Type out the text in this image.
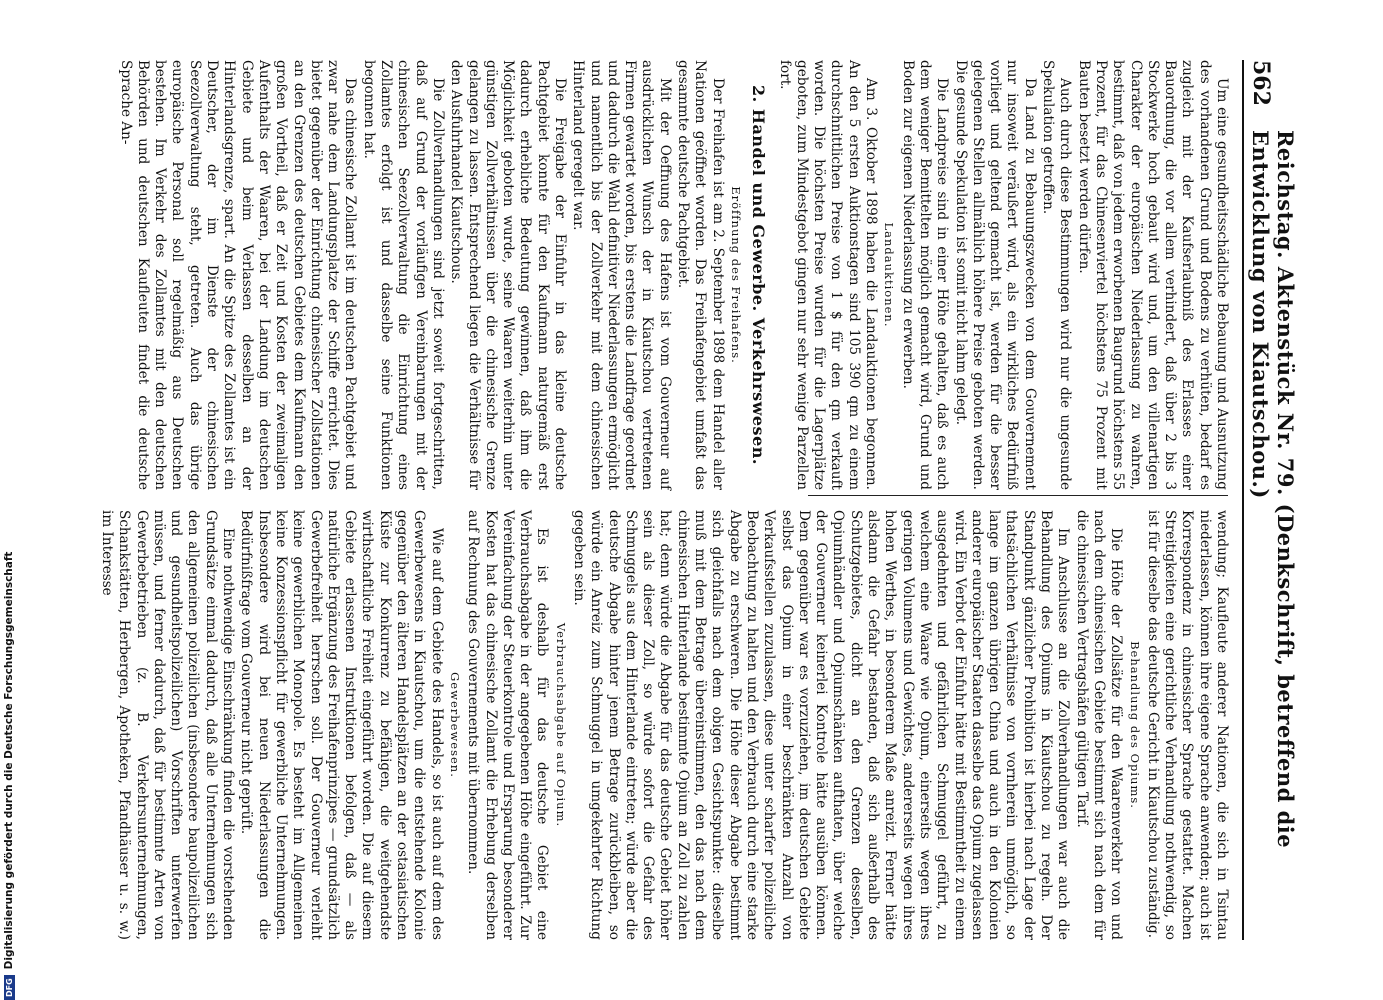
562
Reichstag. Aktenstück Nr. 79. (Denkschrift, betreffend die Entwicklung von Kiautschou.)

Um eine gesundheitsschädliche Bebauung und Ausnutzung des vorhandenen Grund und Bodens zu verhüten, bedarf es zugleich mit der Kaufserlaubniß des Erlasses einer Bauordnung, die vor allem verhindert, daß über 2 bis 3 Stockwerke hoch gebaut wird und, um den villenartigen Charakter der europäischen Niederlassung zu wahren, bestimmt, daß von jedem erworbenen Baugrund höchstens 55 Prozent, für das Chinesenviertel höchstens 75 Prozent mit Bauten besetzt werden dürfen.

Auch durch diese Bestimmungen wird nur die ungesunde Spekulation getroffen.

Da Land zu Bebauungszwecken von dem Gouvernement nur insoweit veräußert wird, als ein wirkliches Bedürfniß vorliegt und geltend gemacht ist, werden für die besser gelegenen Stellen allmählich höhere Preise geboten werden. Die gesunde Spekulation ist somit nicht lahm gelegt.

Die Landpreise sind in einer Höhe gehalten, daß es auch dem weniger Bemittelten möglich gemacht wird, Grund und Boden zur eigenen Niederlassung zu erwerben.

Landauktionen.

Am 3. Oktober 1898 haben die Landauktionen begonnen. An den 5 ersten Auktionstagen sind 105 390 qm zu einem durchschnittlichen Preise von 1 $ für den qm verkauft worden. Die höchsten Preise wurden für die Lagerplätze geboten, zum Mindestgebot gingen nur sehr wenige Parzellen fort.

2. Handel und Gewerbe. Verkehrswesen.

Eröffnung des Freihafens.

Der Freihafen ist am 2. September 1898 dem Handel aller Nationen geöffnet worden. Das Freihafengebiet umfaßt das gesammte deutsche Pachtgebiet.

Mit der Oeffnung des Hafens ist vom Gouverneur auf ausdrücklichen Wunsch der in Kiautschou vertretenen Firmen gewartet worden, bis erstens die Landfrage geordnet und dadurch die Wahl definitiver Niederlassungen ermöglicht und namentlich bis der Zollverkehr mit dem chinesischen Hinterland geregelt war.

Die Freigabe der Einfuhr in das kleine deutsche Pachtgebiet konnte für den Kaufmann naturgemäß erst dadurch erhebliche Bedeutung gewinnen, daß ihm die Möglichkeit geboten wurde, seine Waaren weiterhin unter günstigen Zollverhältnissen über die chinesische Grenze gelangen zu lassen. Entsprechend liegen die Verhältnisse für den Ausfuhrhandel Kiautschous.

Die Zollverhandlungen sind jetzt soweit fortgeschritten, daß auf Grund der vorläufigen Vereinbarungen mit der chinesischen Seezollverwaltung die Einrichtung eines Zollamtes erfolgt ist und dasselbe seine Funktionen begonnen hat.

Das chinesische Zollamt ist im deutschen Pachtgebiet und zwar nahe dem Landungsplatze der Schiffe errichtet. Dies bietet gegenüber der Einrichtung chinesischer Zollstationen an den Grenzen des deutschen Gebietes dem Kaufmann den großen Vortheil, daß er Zeit und Kosten der zweimaligen Aufenthalts der Waaren, bei der Landung im deutschen Gebiete und beim Verlassen desselben an der Hinterlandsgrenze, spart. An die Spitze des Zollamtes ist ein Deutscher, der im Dienste der chinesischen Seezollverwaltung steht, getreten. Auch das übrige europäische Personal soll regelmäßig aus Deutschen bestehen. Im Verkehr des Zollamtes mit den deutschen Behörden und deutschen Kaufleuten findet die deutsche Sprache An-

wendung; Kaufleute anderer Nationen, die sich in Tsintau niederlassen, können ihre eigene Sprache anwenden; auch ist Korrespondenz in chinesischer Sprache gestattet. Machen Streitigkeiten eine gerichtliche Verhandlung nothwendig, so ist für dieselbe das deutsche Gericht in Kiautschou zuständig.

Behandlung des Opiums.

Die Höhe der Zollsätze für den Waarenverkehr von und nach dem chinesischen Gebiete bestimmt sich nach dem für die chinesischen Vertragshäfen gültigen Tarif.

Im Anschlusse an die Zollverhandlungen war auch die Behandlung des Opiums in Kiautschou zu regeln. Der Standpunkt gänzlicher Prohibition ist hierbei nach Lage der thatsächlichen Verhältnisse von vornherein unmöglich, so lange im ganzen übrigen China und auch in den Kolonien anderer europäischer Staaten dasselbe das Opium zugelassen wird. Ein Verbot der Einfuhr hätte mit Bestimmtheit zu einem ausgedehnten und gefährlichen Schmuggel geführt, zu welchem eine Waare wie Opium, einerseits wegen ihres geringen Volumens und Gewichtes, andererseits wegen ihres hohen Werthes, in besonderem Maße anreizt. Ferner hätte alsdann die Gefahr bestanden, daß sich außerhalb des Schutzgebietes, dicht an den Grenzen desselben, Opiumhändler und Opiumschänken aufthaten, über welche der Gouverneur keinerlei Kontrole hätte ausüben können. Dem gegenüber war es vorzuziehen, im deutschen Gebiete selbst das Opium in einer beschränkten Anzahl von Verkaufsstellen zuzulassen, diese unter scharfer polizeiliche Beobachtung zu halten und den Verbrauch durch eine starke Abgabe zu erschweren. Die Höhe dieser Abgabe bestimmt sich gleichfalls nach dem obigen Gesichtspunkte: dieselbe muß mit dem Betrage übereinstimmen, den das nach dem chinesischen Hinterlande bestimmte Opium an Zoll zu zahlen hat; denn würde die Abgabe für das deutsche Gebiet höher sein als dieser Zoll, so würde sofort die Gefahr des Schmuggels aus dem Hinterlande eintreten; würde aber die deutsche Abgabe hinter jenem Betrage zurückbleiben, so würde ein Anreiz zum Schmuggel in umgekehrter Richtung gegeben sein.

Verbrauchsabgabe auf Opium.

Es ist deshalb für das deutsche Gebiet eine Verbrauchsabgabe in der angegebenen Höhe eingeführt. Zur Vereinfachung der Steuerkontrole und Ersparung besonderer Kosten hat das chinesische Zollamt die Erhebung derselben auf Rechnung des Gouvernements mit übernommen.

Gewerbewesen.

Wie auf dem Gebiete des Handels, so ist auch auf dem des Gewerbewesens in Kiautschou, um die entstehende Kolonie gegenüber den älteren Handelsplätzen an der ostasiatischen Küste zur Konkurrenz zu befähigen, die weitgehendste wirthschaftliche Freiheit eingeführt worden. Die auf diesem Gebiete erlassenen Instruktionen befolgen, daß — als natürliche Ergänzung des Freihafenprinzipes — grundsätzlich Gewerbefreiheit herrschen soll. Der Gouverneur verleiht keine gewerblichen Monopole. Es besteht im Allgemeinen keine Konzessionspflicht für gewerbliche Unternehmungen. Insbesondere wird bei neuen Niederlassungen die Bedürfnißfrage vom Gouverneur nicht geprüft.

Eine nothwendige Einschränkung finden die vorstehenden Grundsätze einmal dadurch, daß alle Unternehmungen sich den allgemeinen polizeilichen (insbesondere baupolizeilichen und gesundheitspolizeilichen) Vorschriften unterwerfen müssen, und ferner dadurch, daß für bestimmte Arten von Gewerbebetrieben (z. B. Verkehrsunternehmungen, Schankstätten, Herbergen, Apotheken, Pfandhäuser u. s. w.) im Interesse

DFG
Digitalisierung gefördert durch die Deutsche Forschungsgemeinschaft
